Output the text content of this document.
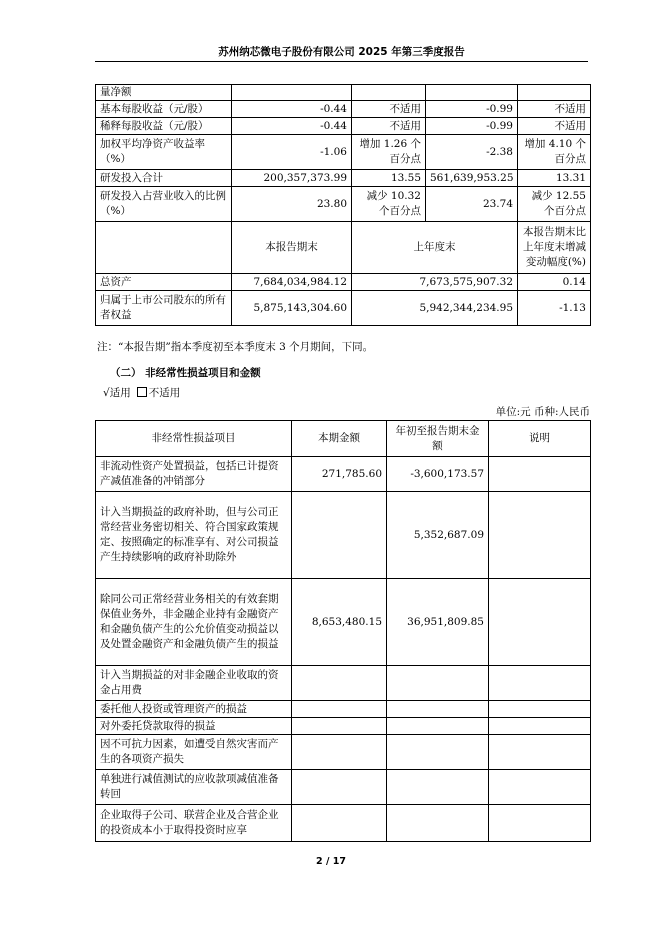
苏州纳芯微电子股份有限公司 2025 年第三季度报告
量净额				
基本每股收益（元/股）	-0.44	不适用	-0.99	不适用
稀释每股收益（元/股）	-0.44	不适用	-0.99	不适用
加权平均净资产收益率（%）	-1.06	增加 1.26 个百分点	-2.38	增加 4.10 个百分点
研发投入合计	200,357,373.99	13.55	561,639,953.25	13.31
研发投入占营业收入的比例（%）	23.80	减少 10.32 个百分点	23.74	减少 12.55 个百分点
	本报告期末	上年度末		本报告期末比上年度末增减变动幅度(%)
总资产	7,684,034,984.12	7,673,575,907.32		0.14
归属于上市公司股东的所有者权益	5,875,143,304.60	5,942,344,234.95		-1.13
注：“本报告期”指本季度初至本季度末 3 个月期间，下同。
（二） 非经常性损益项目和金额
√适用 不适用
单位:元 币种:人民币
非经常性损益项目	本期金额	年初至报告期末金额	说明
非流动性资产处置损益，包括已计提资产减值准备的冲销部分	271,785.60	-3,600,173.57	
计入当期损益的政府补助，但与公司正常经营业务密切相关、符合国家政策规定、按照确定的标准享有、对公司损益产生持续影响的政府补助除外		5,352,687.09	
除同公司正常经营业务相关的有效套期保值业务外，非金融企业持有金融资产和金融负债产生的公允价值变动损益以及处置金融资产和金融负债产生的损益	8,653,480.15	36,951,809.85	
计入当期损益的对非金融企业收取的资金占用费			
委托他人投资或管理资产的损益			
对外委托贷款取得的损益			
因不可抗力因素，如遭受自然灾害而产生的各项资产损失			
单独进行减值测试的应收款项减值准备转回			
企业取得子公司、联营企业及合营企业的投资成本小于取得投资时应享			
2 / 17
